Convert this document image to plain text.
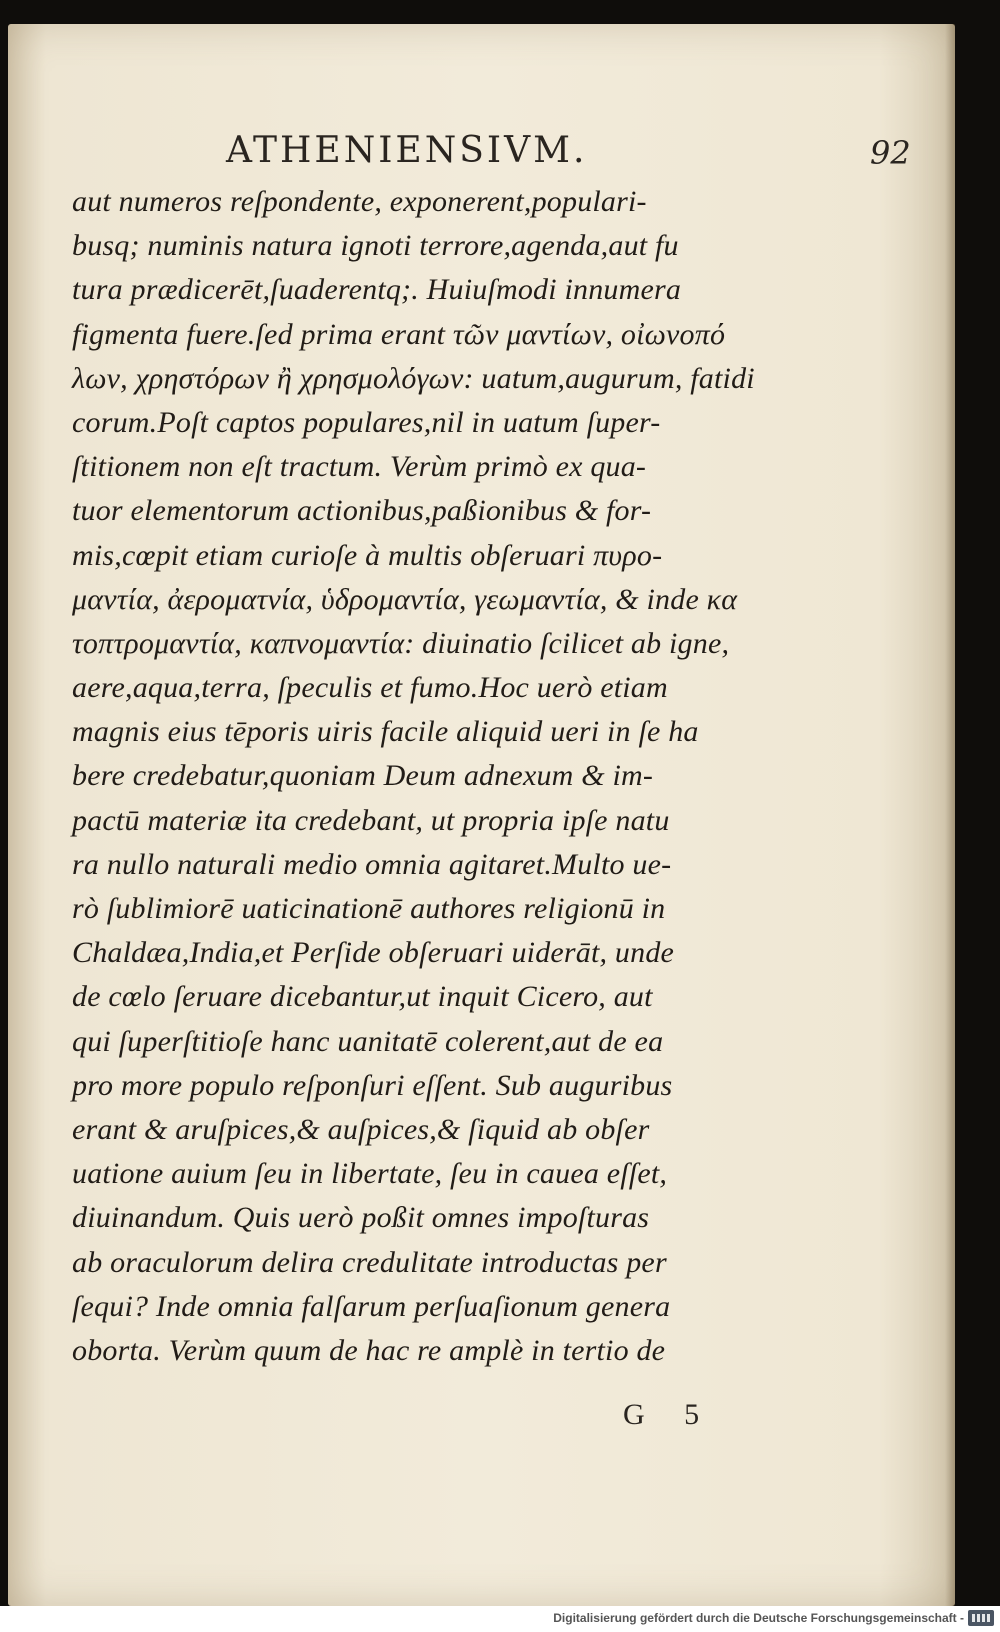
ATHENIENSIVM.	92
aut numeros reſpondente, exponerent,populari-
busq; numinis natura ignoti terrore,agenda,aut fu
tura prædicerēt,ſuaderentq;. Huiuſmodi innumera
figmenta fuere.ſed prima erant τῶν μαντίων, οἰωνοπό
λων, χρηστόρων ἢ χρησμολόγων: uatum,augurum, fatidi
corum.Poſt captos populares,nil in uatum ſuper-
ſtitionem non eſt tractum. Verùm primò ex qua-
tuor elementorum actionibus,paßionibus & for-
mis,cœpit etiam curioſe à multis obſeruari πυρο-
μαντία, ἀεροματνία, ὑδρομαντία, γεωμαντία, & inde κα
τοπτρομαντία, καπνομαντία: diuinatio ſcilicet ab igne,
aere,aqua,terra, ſpeculis et fumo.Hoc uerò etiam
magnis eius tēporis uiris facile aliquid ueri in ſe ha
bere credebatur,quoniam Deum adnexum & im-
pactū materiæ ita credebant, ut propria ipſe natu
ra nullo naturali medio omnia agitaret.Multo ue-
rò ſublimiorē uaticinationē authores religionū in
Chaldæa,India,et Perſide obſeruari uiderāt, unde
de cœlo ſeruare dicebantur,ut inquit Cicero, aut
qui ſuperſtitioſe hanc uanitatē colerent,aut de ea
pro more populo reſponſuri eſſent. Sub auguribus
erant & aruſpices,& auſpices,& ſiquid ab obſer
uatione auium ſeu in libertate, ſeu in cauea eſſet,
diuinandum. Quis uerò poßit omnes impoſturas
ab oraculorum delira credulitate introductas per
ſequi? Inde omnia falſarum perſuaſionum genera
oborta. Verùm quum de hac re amplè in tertio de
G 5
Digitalisierung gefördert durch die Deutsche Forschungsgemeinschaft -
